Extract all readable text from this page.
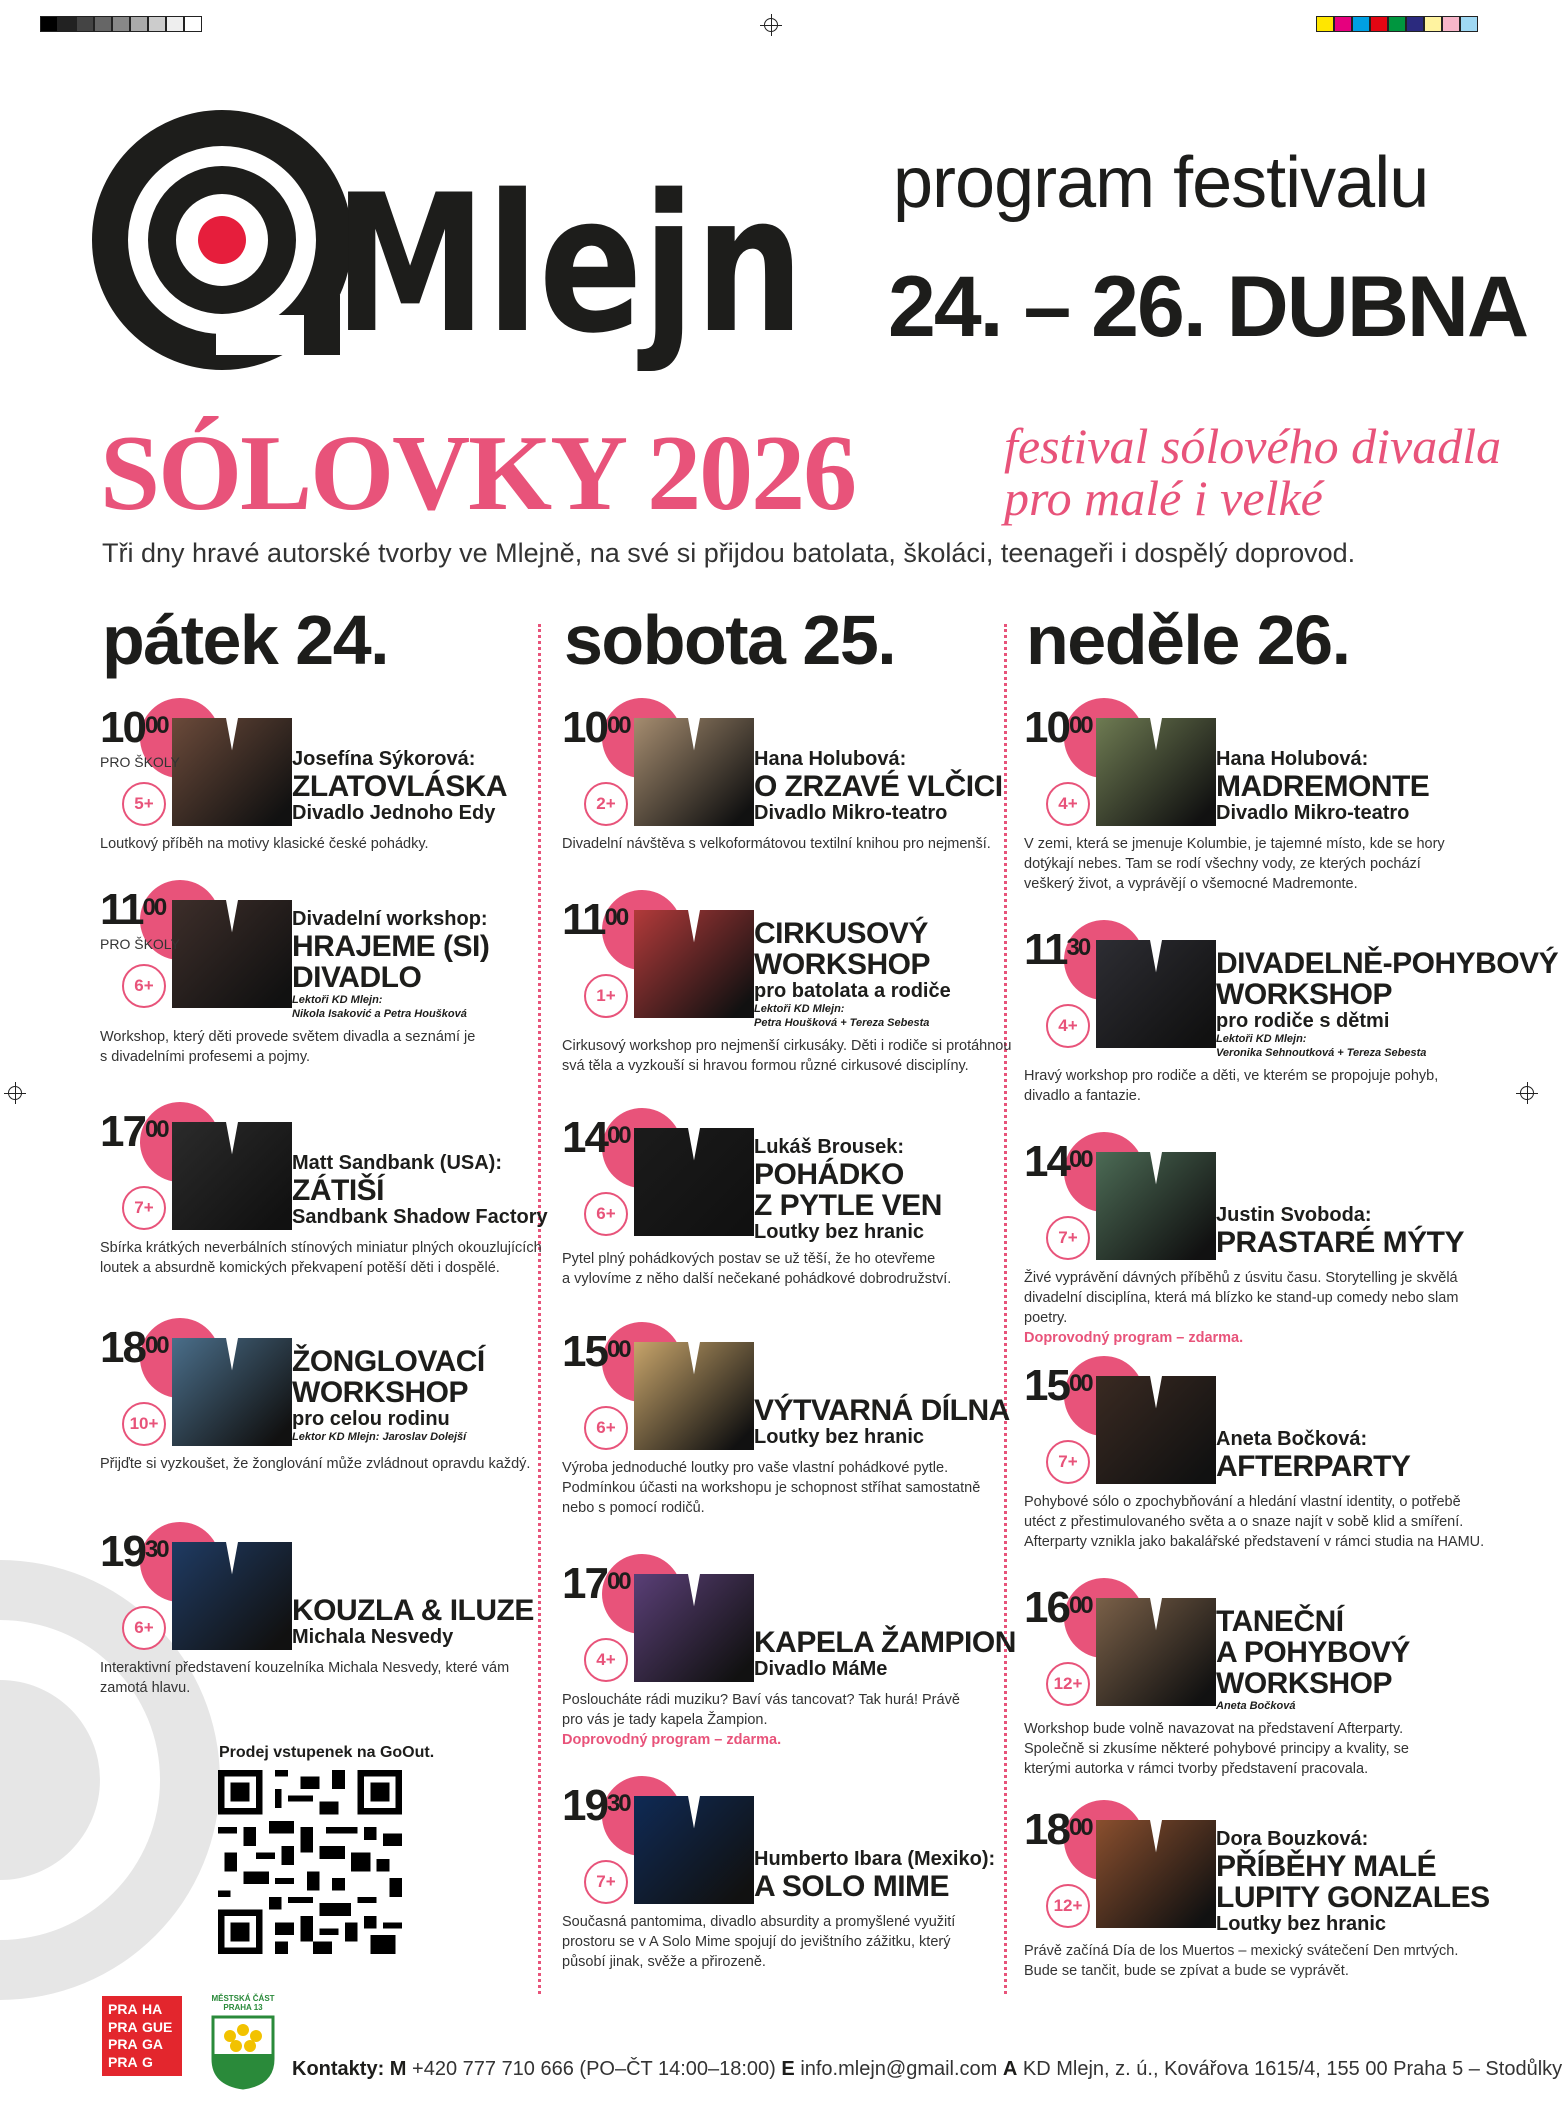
Mlejn program festivalu
24. – 26. DUBNA
SÓLOVKY 2026	festival sólového divadla
pro malé i velké
Tři dny hravé autorské tvorby ve Mlejně, na své si přijdou batolata, školáci, teenageři i dospělý doprovod.
pátek 24.	sobota 25. neděle 26.
$10^{00}$
PRO ŠKOLY
5+
Josefína Sýkorová:
ZLATOVLÁSKA
Divadlo Jednoho Edy
Loutkový příběh na motivy klasické české pohádky.
$11^{00}$
PRO ŠKOLY
6+
Divadelní workshop:
HRAJEME (SI)
DIVADLO
Lektoři KD Mlejn:
Nikola Isaković a Petra Houšková
Workshop, který děti provede světem divadla a seznámí je
s divadelními profesemi a pojmy.
$17^{00}$
7+
Matt Sandbank (USA):
ZÁTIŠÍ
Sandbank Shadow Factory
Sbírka krátkých neverbálních stínových miniatur plných okouzlujících
loutek a absurdně komických překvapení potěší děti i dospělé.
$18^{00}$
10+
ŽONGLOVACÍ
WORKSHOP
pro celou rodinu
Lektor KD Mlejn: Jaroslav Dolejší
Přijďte si vyzkoušet, že žonglování může zvládnout opravdu každý.
$19^{30}$
6+
KOUZLA & ILUZE
Michala Nesvedy
Interaktivní představení kouzelníka Michala Nesvedy, které vám
zamotá hlavu.
$10^{00}$
2+
Hana Holubová:
O ZRZAVÉ VLČICI
Divadlo Mikro-teatro
Divadelní návštěva s velkoformátovou textilní knihou pro nejmenší.
$11^{00}$
1+
CIRKUSOVÝ
WORKSHOP
pro batolata a rodiče
Lektoři KD Mlejn:
Petra Houšková + Tereza Sebesta
Cirkusový workshop pro nejmenší cirkusáky. Děti i rodiče si protáhnou
svá těla a vyzkouší si hravou formou různé cirkusové disciplíny.
$14^{00}$
6+
Lukáš Brousek:
POHÁDKO
Z PYTLE VEN
Loutky bez hranic
Pytel plný pohádkových postav se už těší, že ho otevřeme
a vylovíme z něho další nečekané pohádkové dobrodružství.
$15^{00}$
6+
VÝTVARNÁ DÍLNA
Loutky bez hranic
Výroba jednoduché loutky pro vaše vlastní pohádkové pytle.
Podmínkou účasti na workshopu je schopnost stříhat samostatně
nebo s pomocí rodičů.
$17^{00}$
4+
KAPELA ŽAMPION
Divadlo MáMe
Posloucháte rádi muziku? Baví vás tancovat? Tak hurá! Právě
pro vás je tady kapela Žampion.
Doprovodný program – zdarma.
$19^{30}$
7+
Humberto Ibara (Mexiko):
A SOLO MIME
Současná pantomima, divadlo absurdity a promyšlené využití
prostoru se v A Solo Mime spojují do jevištního zážitku, který
působí jinak, svěže a přirozeně.
$10^{00}$
4+
Hana Holubová:
MADREMONTE
Divadlo Mikro-teatro
V zemi, která se jmenuje Kolumbie, je tajemné místo, kde se hory
dotýkají nebes. Tam se rodí všechny vody, ze kterých pochází
veškerý život, a vyprávějí o všemocné Madremonte.
$11^{30}$
4+
DIVADELNĚ-POHYBOVÝ
WORKSHOP
pro rodiče s dětmi
Lektoři KD Mlejn:
Veronika Sehnoutková + Tereza Sebesta
Hravý workshop pro rodiče a děti, ve kterém se propojuje pohyb,
divadlo a fantazie.
$14^{00}$
7+
Justin Svoboda:
PRASTARÉ MÝTY
Živé vyprávění dávných příběhů z úsvitu času. Storytelling je skvělá
divadelní disciplína, která má blízko ke stand-up comedy nebo slam
poetry.
Doprovodný program – zdarma.
$15^{00}$
7+
Aneta Bočková:
AFTERPARTY
Pohybové sólo o zpochybňování a hledání vlastní identity, o potřebě
utéct z přestimulovaného světa a o snaze najít v sobě klid a smíření.
Afterparty vznikla jako bakalářské představení v rámci studia na HAMU.
$16^{00}$
12+
TANEČNÍ
A POHYBOVÝ
WORKSHOP
Aneta Bočková
Workshop bude volně navazovat na představení Afterparty.
Společně si zkusíme některé pohybové principy a kvality, se
kterými autorka v rámci tvorby představení pracovala.
$18^{00}$
12+
Dora Bouzková:
PŘÍBĚHY MALÉ
LUPITY GONZALES
Loutky bez hranic
Právě začíná Día de los Muertos – mexický svátečení Den mrtvých.
Bude se tančit, bude se zpívat a bude se vyprávět.
Prodej vstupenek na GoOut.
PRA HA
PRA GUE
PRA GA
PRA G
MĚSTSKÁ ČÁST
PRAHA 13
Kontakty: M +420 777 710 666 (PO–ČT 14:00–18:00) E info.mlejn@gmail.com A KD Mlejn, z. ú., Kovářova 1615/4, 155 00 Praha 5 – Stodůlky
